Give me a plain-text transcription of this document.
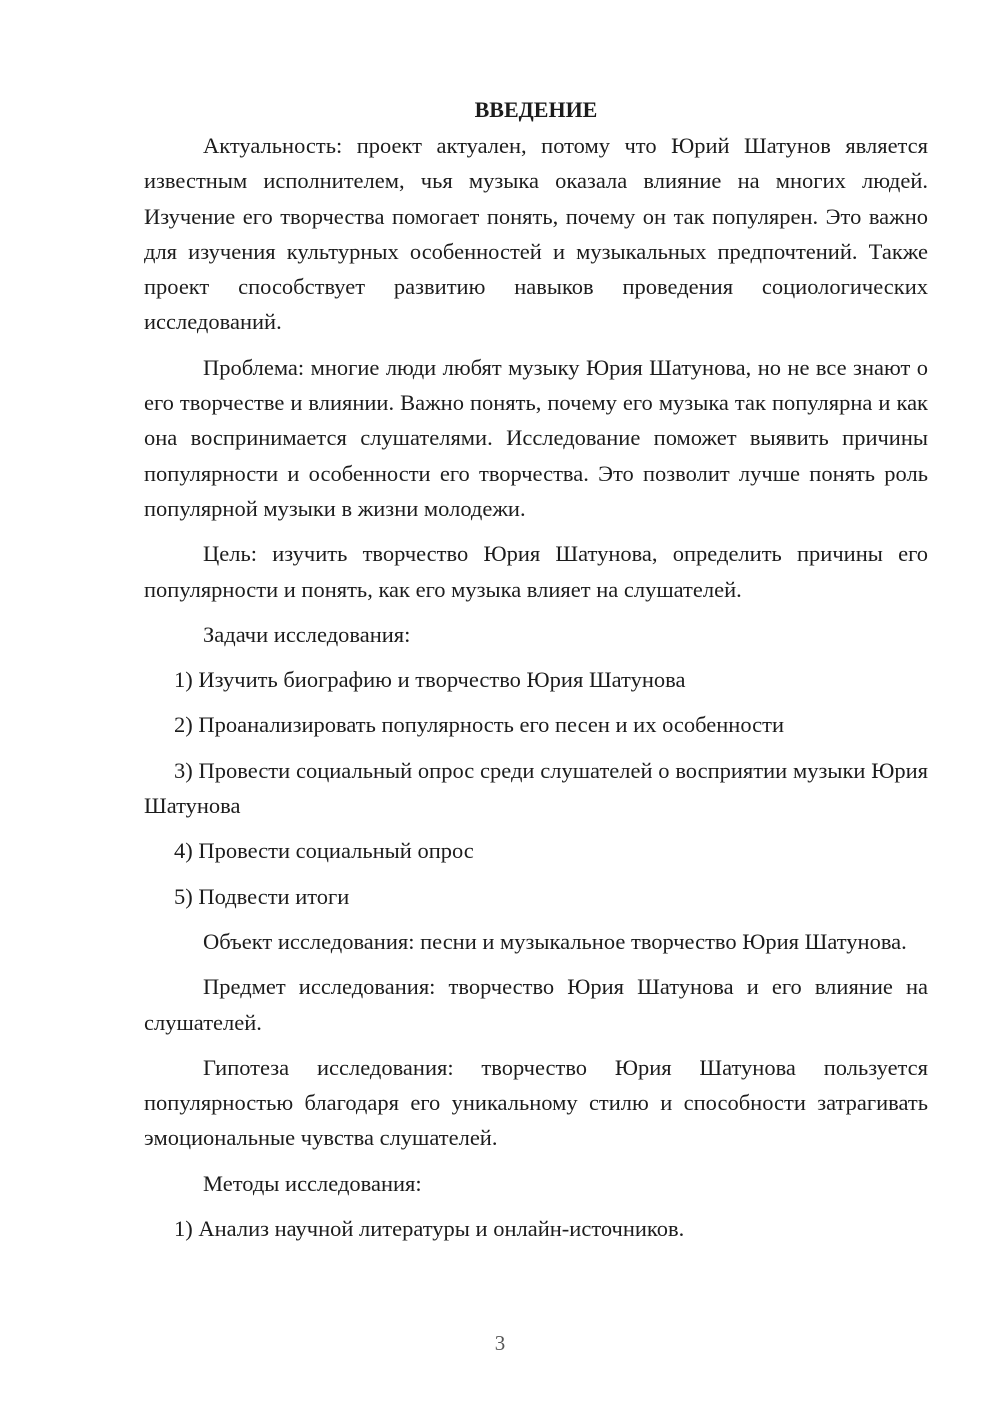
ВВЕДЕНИЕ

Актуальность: проект актуален, потому что Юрий Шатунов является известным исполнителем, чья музыка оказала влияние на многих людей. Изучение его творчества помогает понять, почему он так популярен. Это важно для изучения культурных особенностей и музыкальных предпочтений. Также проект способствует развитию навыков проведения социологических исследований.

Проблема: многие люди любят музыку Юрия Шатунова, но не все знают о его творчестве и влиянии. Важно понять, почему его музыка так популярна и как она воспринимается слушателями. Исследование поможет выявить причины популярности и особенности его творчества. Это позволит лучше понять роль популярной музыки в жизни молодежи.

Цель: изучить творчество Юрия Шатунова, определить причины его популярности и понять, как его музыка влияет на слушателей.

Задачи исследования:

1) Изучить биографию и творчество Юрия Шатунова

2) Проанализировать популярность его песен и их особенности

3) Провести социальный опрос среди слушателей о восприятии музыки Юрия Шатунова

4) Провести социальный опрос

5) Подвести итоги

Объект исследования: песни и музыкальное творчество Юрия Шатунова.

Предмет исследования: творчество Юрия Шатунова и его влияние на слушателей.

Гипотеза исследования: творчество Юрия Шатунова пользуется популярностью благодаря его уникальному стилю и способности затрагивать эмоциональные чувства слушателей.

Методы исследования:

1) Анализ научной литературы и онлайн-источников.

3
